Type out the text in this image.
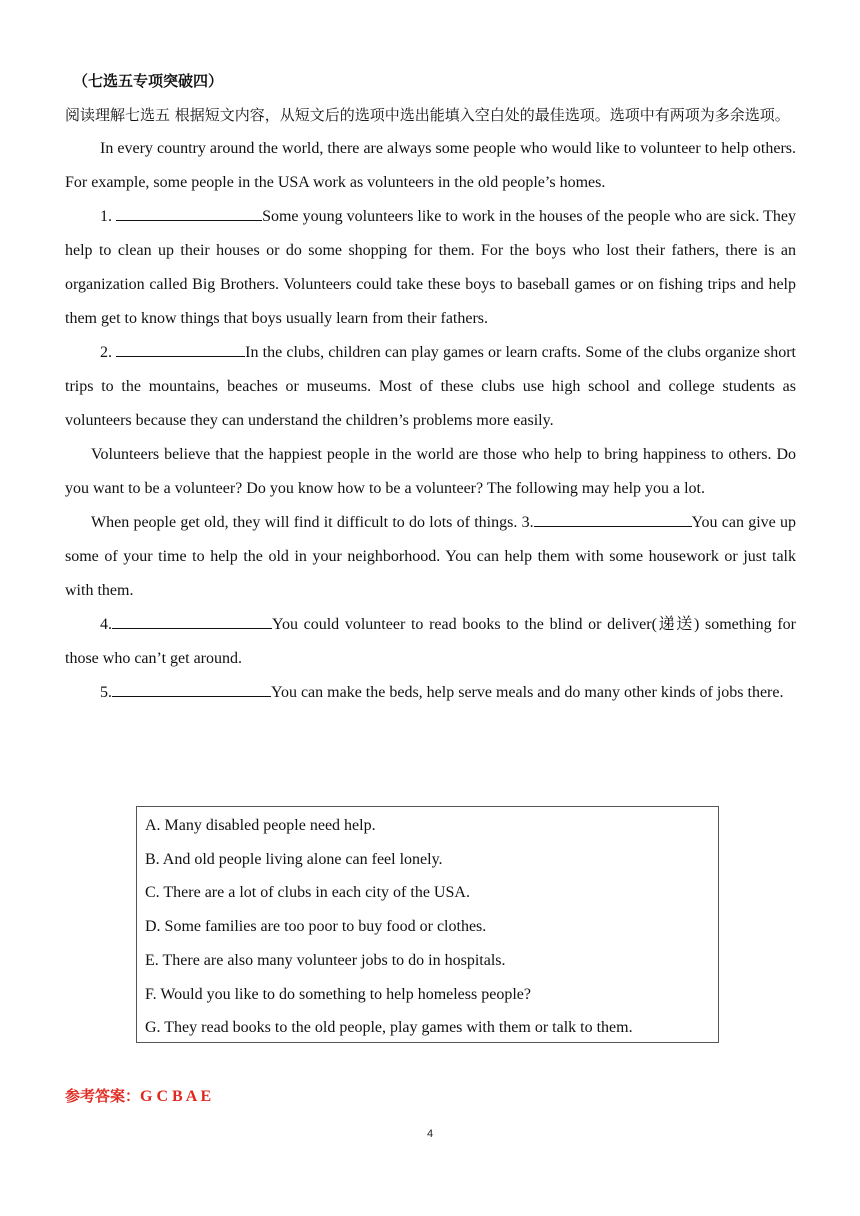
（七选五专项突破四）
阅读理解七选五 根据短文内容，从短文后的选项中选出能填入空白处的最佳选项。选项中有两项为多余选项。
In every country around the world, there are always some people who would like to volunteer to help others. For example, some people in the USA work as volunteers in the old people’s homes.
1.	Some young volunteers like to work in the houses of the people who are sick. They help to clean up their houses or do some shopping for them. For the boys who lost their fathers, there is an organization called Big Brothers. Volunteers could take these boys to baseball games or on fishing trips and help them get to know things that boys usually learn from their fathers.
2.	In the clubs, children can play games or learn crafts. Some of the clubs organize short trips to the mountains, beaches or museums. Most of these clubs use high school and college students as volunteers because they can understand the children’s problems more easily.
Volunteers believe that the happiest people in the world are those who help to bring happiness to others. Do you want to be a volunteer? Do you know how to be a volunteer? The following may help you a lot.
When people get old, they will find it difficult to do lots of things. 3.	You can give up some of your time to help the old in your neighborhood. You can help them with some housework or just talk with them.
4.	You could volunteer to read books to the blind or deliver(递送) something for those who can’t get around.
5.	You can make the beds, help serve meals and do many other kinds of jobs there.
A. Many disabled people need help.
B. And old people living alone can feel lonely.
C. There are a lot of clubs in each city of the USA.
D. Some families are too poor to buy food or clothes.
E. There are also many volunteer jobs to do in hospitals.
F. Would you like to do something to help homeless people?
G. They read books to the old people, play games with them or talk to them.
参考答案：G C B A E
4
